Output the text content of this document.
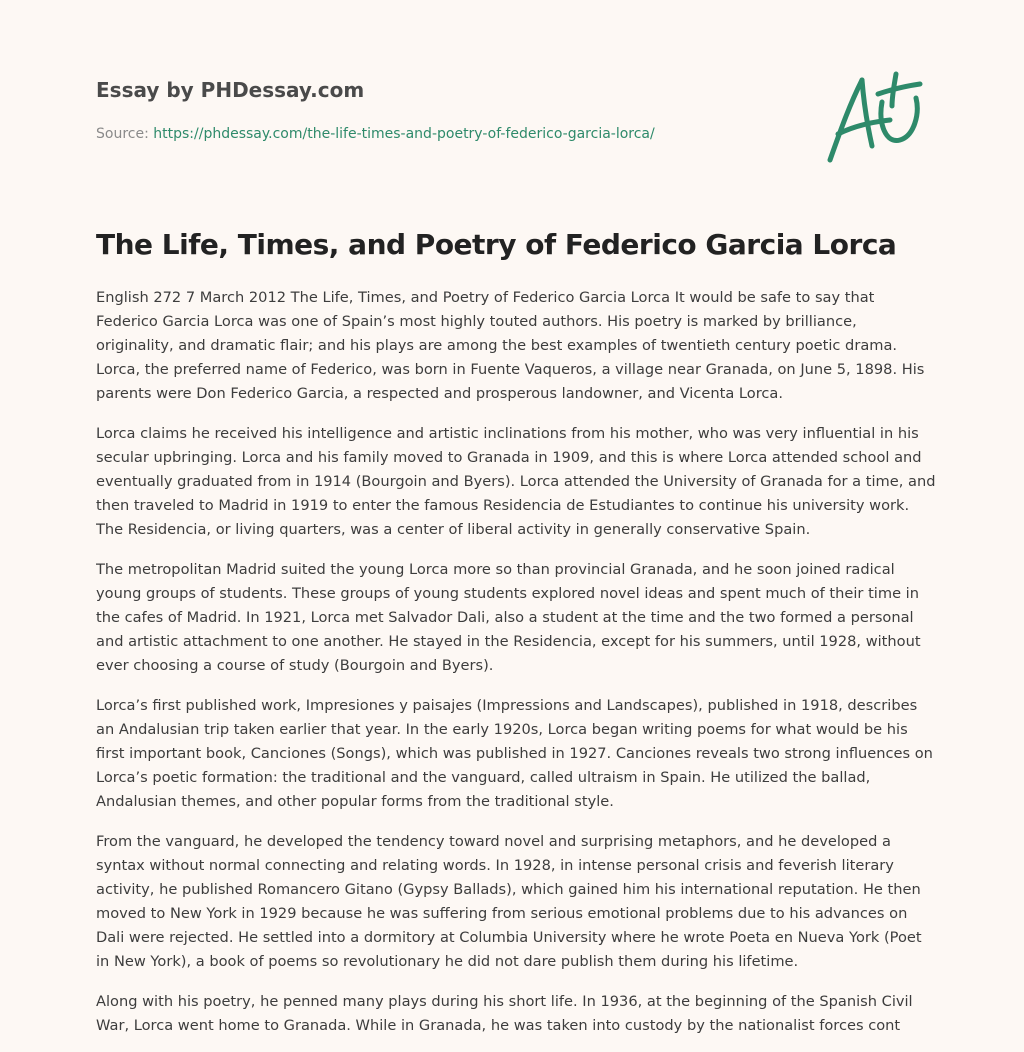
Essay by PHDessay.com
Source: https://phdessay.com/the-life-times-and-poetry-of-federico-garcia-lorca/
The Life, Times, and Poetry of Federico Garcia Lorca

English 272 7 March 2012 The Life, Times, and Poetry of Federico Garcia Lorca It would be safe to say that Federico Garcia Lorca was one of Spain’s most highly touted authors. His poetry is marked by brilliance, originality, and dramatic flair; and his plays are among the best examples of twentieth century poetic drama. Lorca, the preferred name of Federico, was born in Fuente Vaqueros, a village near Granada, on June 5, 1898. His parents were Don Federico Garcia, a respected and prosperous landowner, and Vicenta Lorca.

Lorca claims he received his intelligence and artistic inclinations from his mother, who was very influential in his secular upbringing. Lorca and his family moved to Granada in 1909, and this is where Lorca attended school and eventually graduated from in 1914 (Bourgoin and Byers). Lorca attended the University of Granada for a time, and then traveled to Madrid in 1919 to enter the famous Residencia de Estudiantes to continue his university work. The Residencia, or living quarters, was a center of liberal activity in generally conservative Spain.

The metropolitan Madrid suited the young Lorca more so than provincial Granada, and he soon joined radical young groups of students. These groups of young students explored novel ideas and spent much of their time in the cafes of Madrid. In 1921, Lorca met Salvador Dali, also a student at the time and the two formed a personal and artistic attachment to one another. He stayed in the Residencia, except for his summers, until 1928, without ever choosing a course of study (Bourgoin and Byers).

Lorca’s first published work, Impresiones y paisajes (Impressions and Landscapes), published in 1918, describes an Andalusian trip taken earlier that year. In the early 1920s, Lorca began writing poems for what would be his first important book, Canciones (Songs), which was published in 1927. Canciones reveals two strong influences on Lorca’s poetic formation: the traditional and the vanguard, called ultraism in Spain. He utilized the ballad, Andalusian themes, and other popular forms from the traditional style.

From the vanguard, he developed the tendency toward novel and surprising metaphors, and he developed a syntax without normal connecting and relating words. In 1928, in intense personal crisis and feverish literary activity, he published Romancero Gitano (Gypsy Ballads), which gained him his international reputation. He then moved to New York in 1929 because he was suffering from serious emotional problems due to his advances on Dali were rejected. He settled into a dormitory at Columbia University where he wrote Poeta en Nueva York (Poet in New York), a book of poems so revolutionary he did not dare publish them during his lifetime.

Along with his poetry, he penned many plays during his short life. In 1936, at the beginning of the Spanish Civil War, Lorca went home to Granada. While in Granada, he was taken into custody by the nationalist forces cont
